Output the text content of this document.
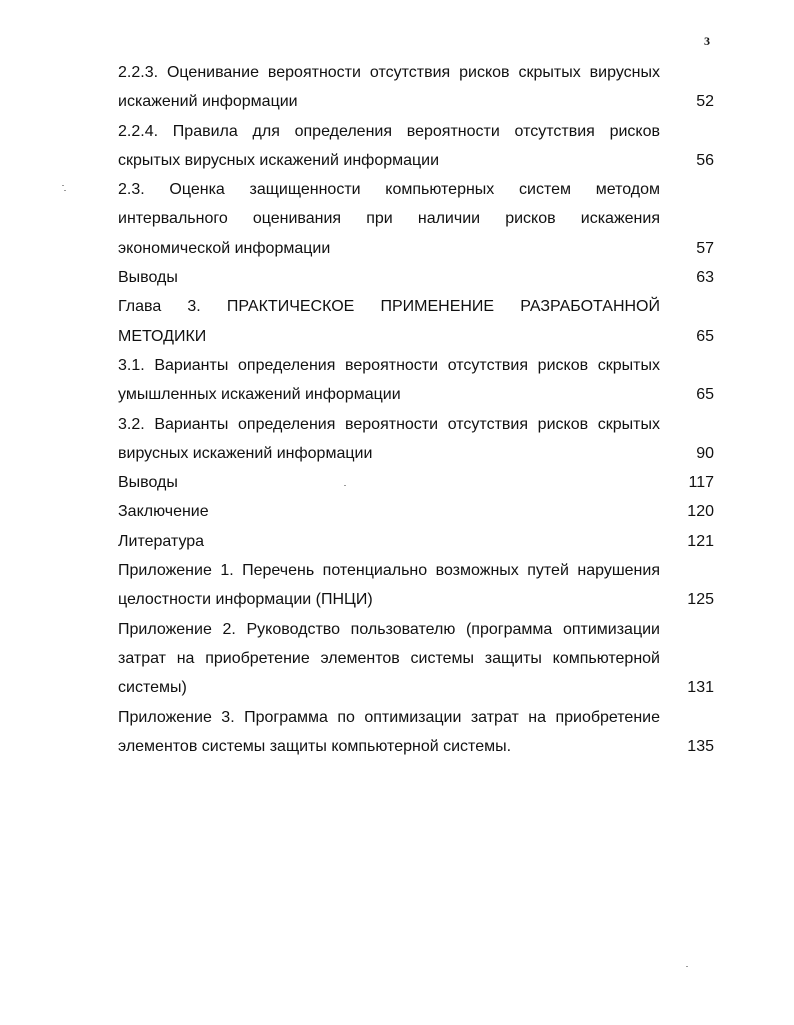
3
2.2.3. Оценивание вероятности отсутствия рисков скрытых вирусных искажений информации	52
2.2.4. Правила для определения вероятности отсутствия рисков скрытых вирусных искажений информации	56
2.3. Оценка защищенности компьютерных систем методом интервального оценивания при наличии рисков искажения экономической информации	57
Выводы	63
Глава 3. ПРАКТИЧЕСКОЕ ПРИМЕНЕНИЕ РАЗРАБОТАННОЙ МЕТОДИКИ	65
3.1. Варианты определения вероятности отсутствия рисков скрытых умышленных искажений информации	65
3.2. Варианты определения вероятности отсутствия рисков скрытых вирусных искажений информации	90
Выводы	117
Заключение	120
Литература	121
Приложение 1. Перечень потенциально возможных путей нарушения целостности информации (ПНЦИ)	125
Приложение 2. Руководство пользователю (программа оптимизации затрат на приобретение элементов системы защиты компьютерной системы)	131
Приложение 3. Программа по оптимизации затрат на приобретение элементов системы защиты компьютерной системы.	135
